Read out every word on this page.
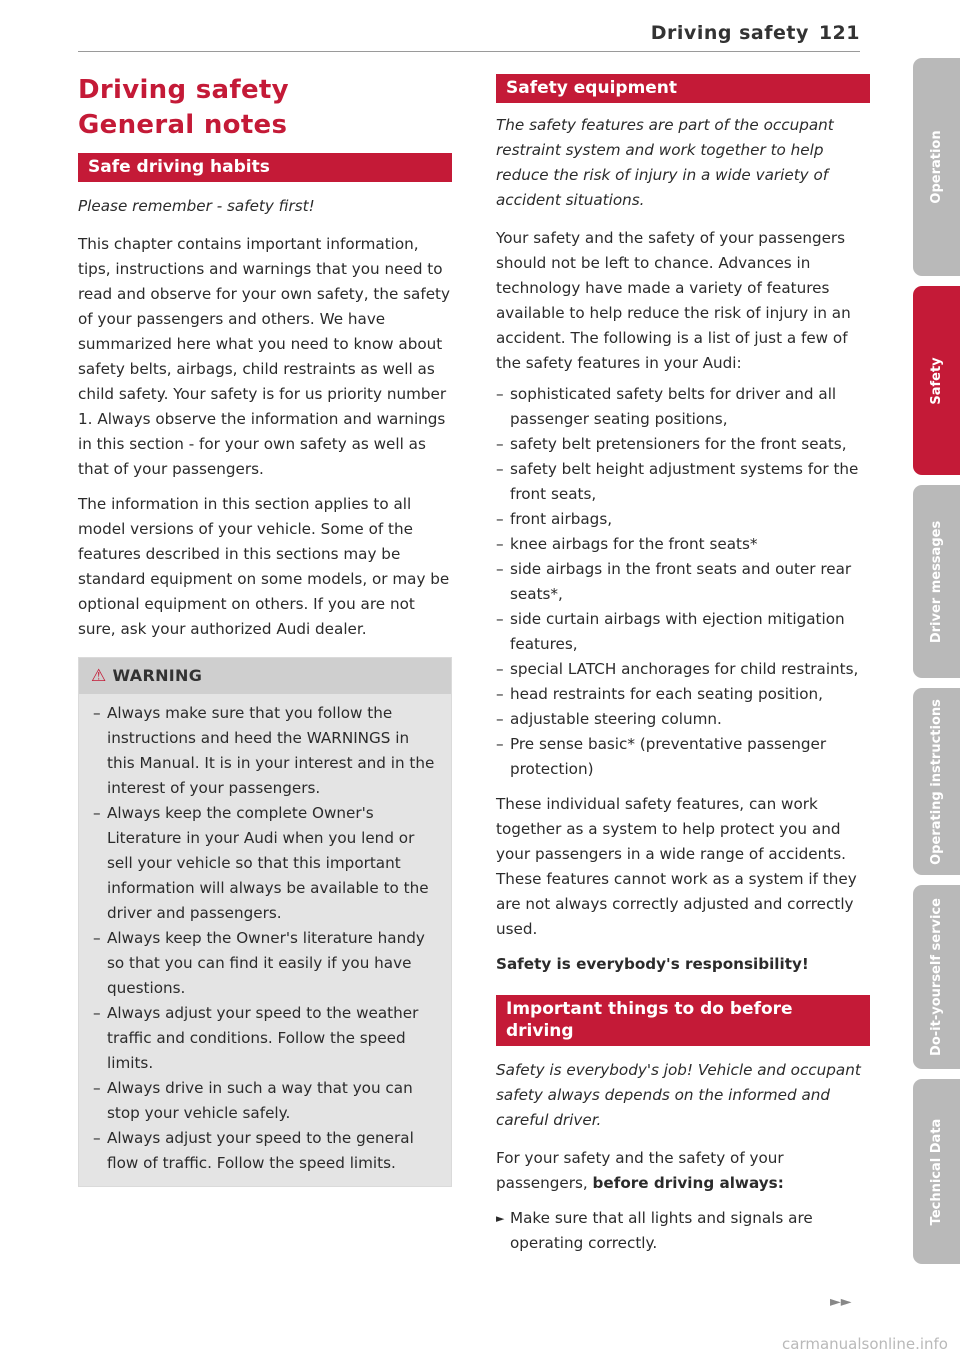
Driving safety 121
Driving safety
General notes
Safe driving habits

Please remember - safety first!

This chapter contains important information, tips, instructions and warnings that you need to read and observe for your own safety, the safety of your passengers and others. We have summarized here what you need to know about safety belts, airbags, child restraints as well as child safety. Your safety is for us priority number 1. Always observe the information and warnings in this section - for your own safety as well as that of your passengers.

The information in this section applies to all model versions of your vehicle. Some of the features described in this sections may be standard equipment on some models, or may be optional equipment on others. If you are not sure, ask your authorized Audi dealer.

⚠ WARNING
– Always make sure that you follow the instructions and heed the WARNINGS in this Manual. It is in your interest and in the interest of your passengers.
– Always keep the complete Owner's Literature in your Audi when you lend or sell your vehicle so that this important information will always be available to the driver and passengers.
– Always keep the Owner's literature handy so that you can find it easily if you have questions.
– Always adjust your speed to the weather traffic and conditions. Follow the speed limits.
– Always drive in such a way that you can stop your vehicle safely.
– Always adjust your speed to the general flow of traffic. Follow the speed limits.
Safety equipment

The safety features are part of the occupant restraint system and work together to help reduce the risk of injury in a wide variety of accident situations.

Your safety and the safety of your passengers should not be left to chance. Advances in technology have made a variety of features available to help reduce the risk of injury in an accident. The following is a list of just a few of the safety features in your Audi:

– sophisticated safety belts for driver and all passenger seating positions,
– safety belt pretensioners for the front seats,
– safety belt height adjustment systems for the front seats,
– front airbags,
– knee airbags for the front seats*
– side airbags in the front seats and outer rear seats*,
– side curtain airbags with ejection mitigation features,
– special LATCH anchorages for child restraints,
– head restraints for each seating position,
– adjustable steering column.
– Pre sense basic* (preventative passenger protection)

These individual safety features, can work together as a system to help protect you and your passengers in a wide range of accidents. These features cannot work as a system if they are not always correctly adjusted and correctly used.

Safety is everybody's responsibility!

Important things to do before driving

Safety is everybody's job! Vehicle and occupant safety always depends on the informed and careful driver.

For your safety and the safety of your passengers, before driving always:

► Make sure that all lights and signals are operating correctly.

►►
Operation
Safety
Driver messages
Operating instructions
Do-it-yourself service
Technical Data
carmanualsonline.info
